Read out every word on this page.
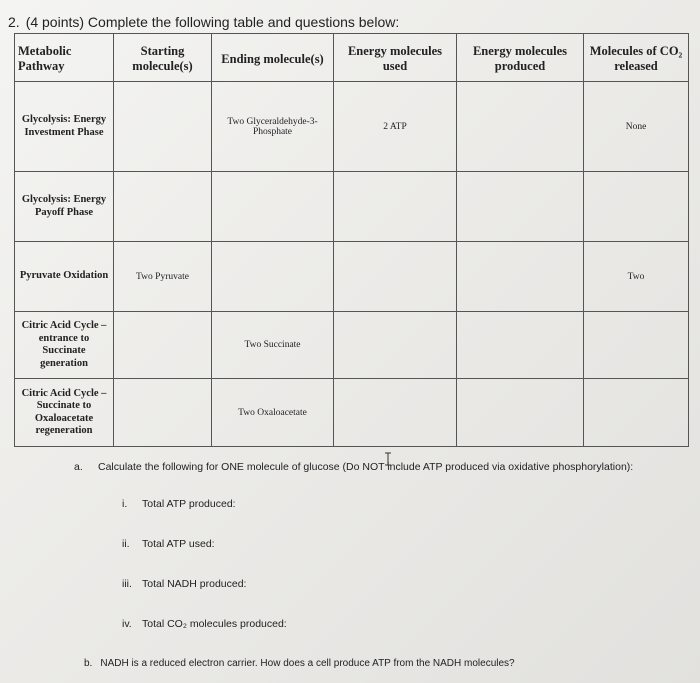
2. (4 points) Complete the following table and questions below:
Metabolic Pathway	Starting molecule(s)	Ending molecule(s)	Energy molecules used	Energy molecules produced	Molecules of CO₂ released
Glycolysis: Energy Investment Phase		Two Glyceraldehyde-3-Phosphate	2 ATP		None
Glycolysis: Energy Payoff Phase					
Pyruvate Oxidation	Two Pyruvate				Two
Citric Acid Cycle – entrance to Succinate generation		Two Succinate			
Citric Acid Cycle – Succinate to Oxaloacetate regeneration		Two Oxaloacetate			
a. Calculate the following for ONE molecule of glucose (Do NOT include ATP produced via oxidative phosphorylation):
i. Total ATP produced:
ii. Total ATP used:
iii. Total NADH produced:
iv. Total CO₂ molecules produced:
b. NADH is a reduced electron carrier. How does a cell produce ATP from the NADH molecules?
